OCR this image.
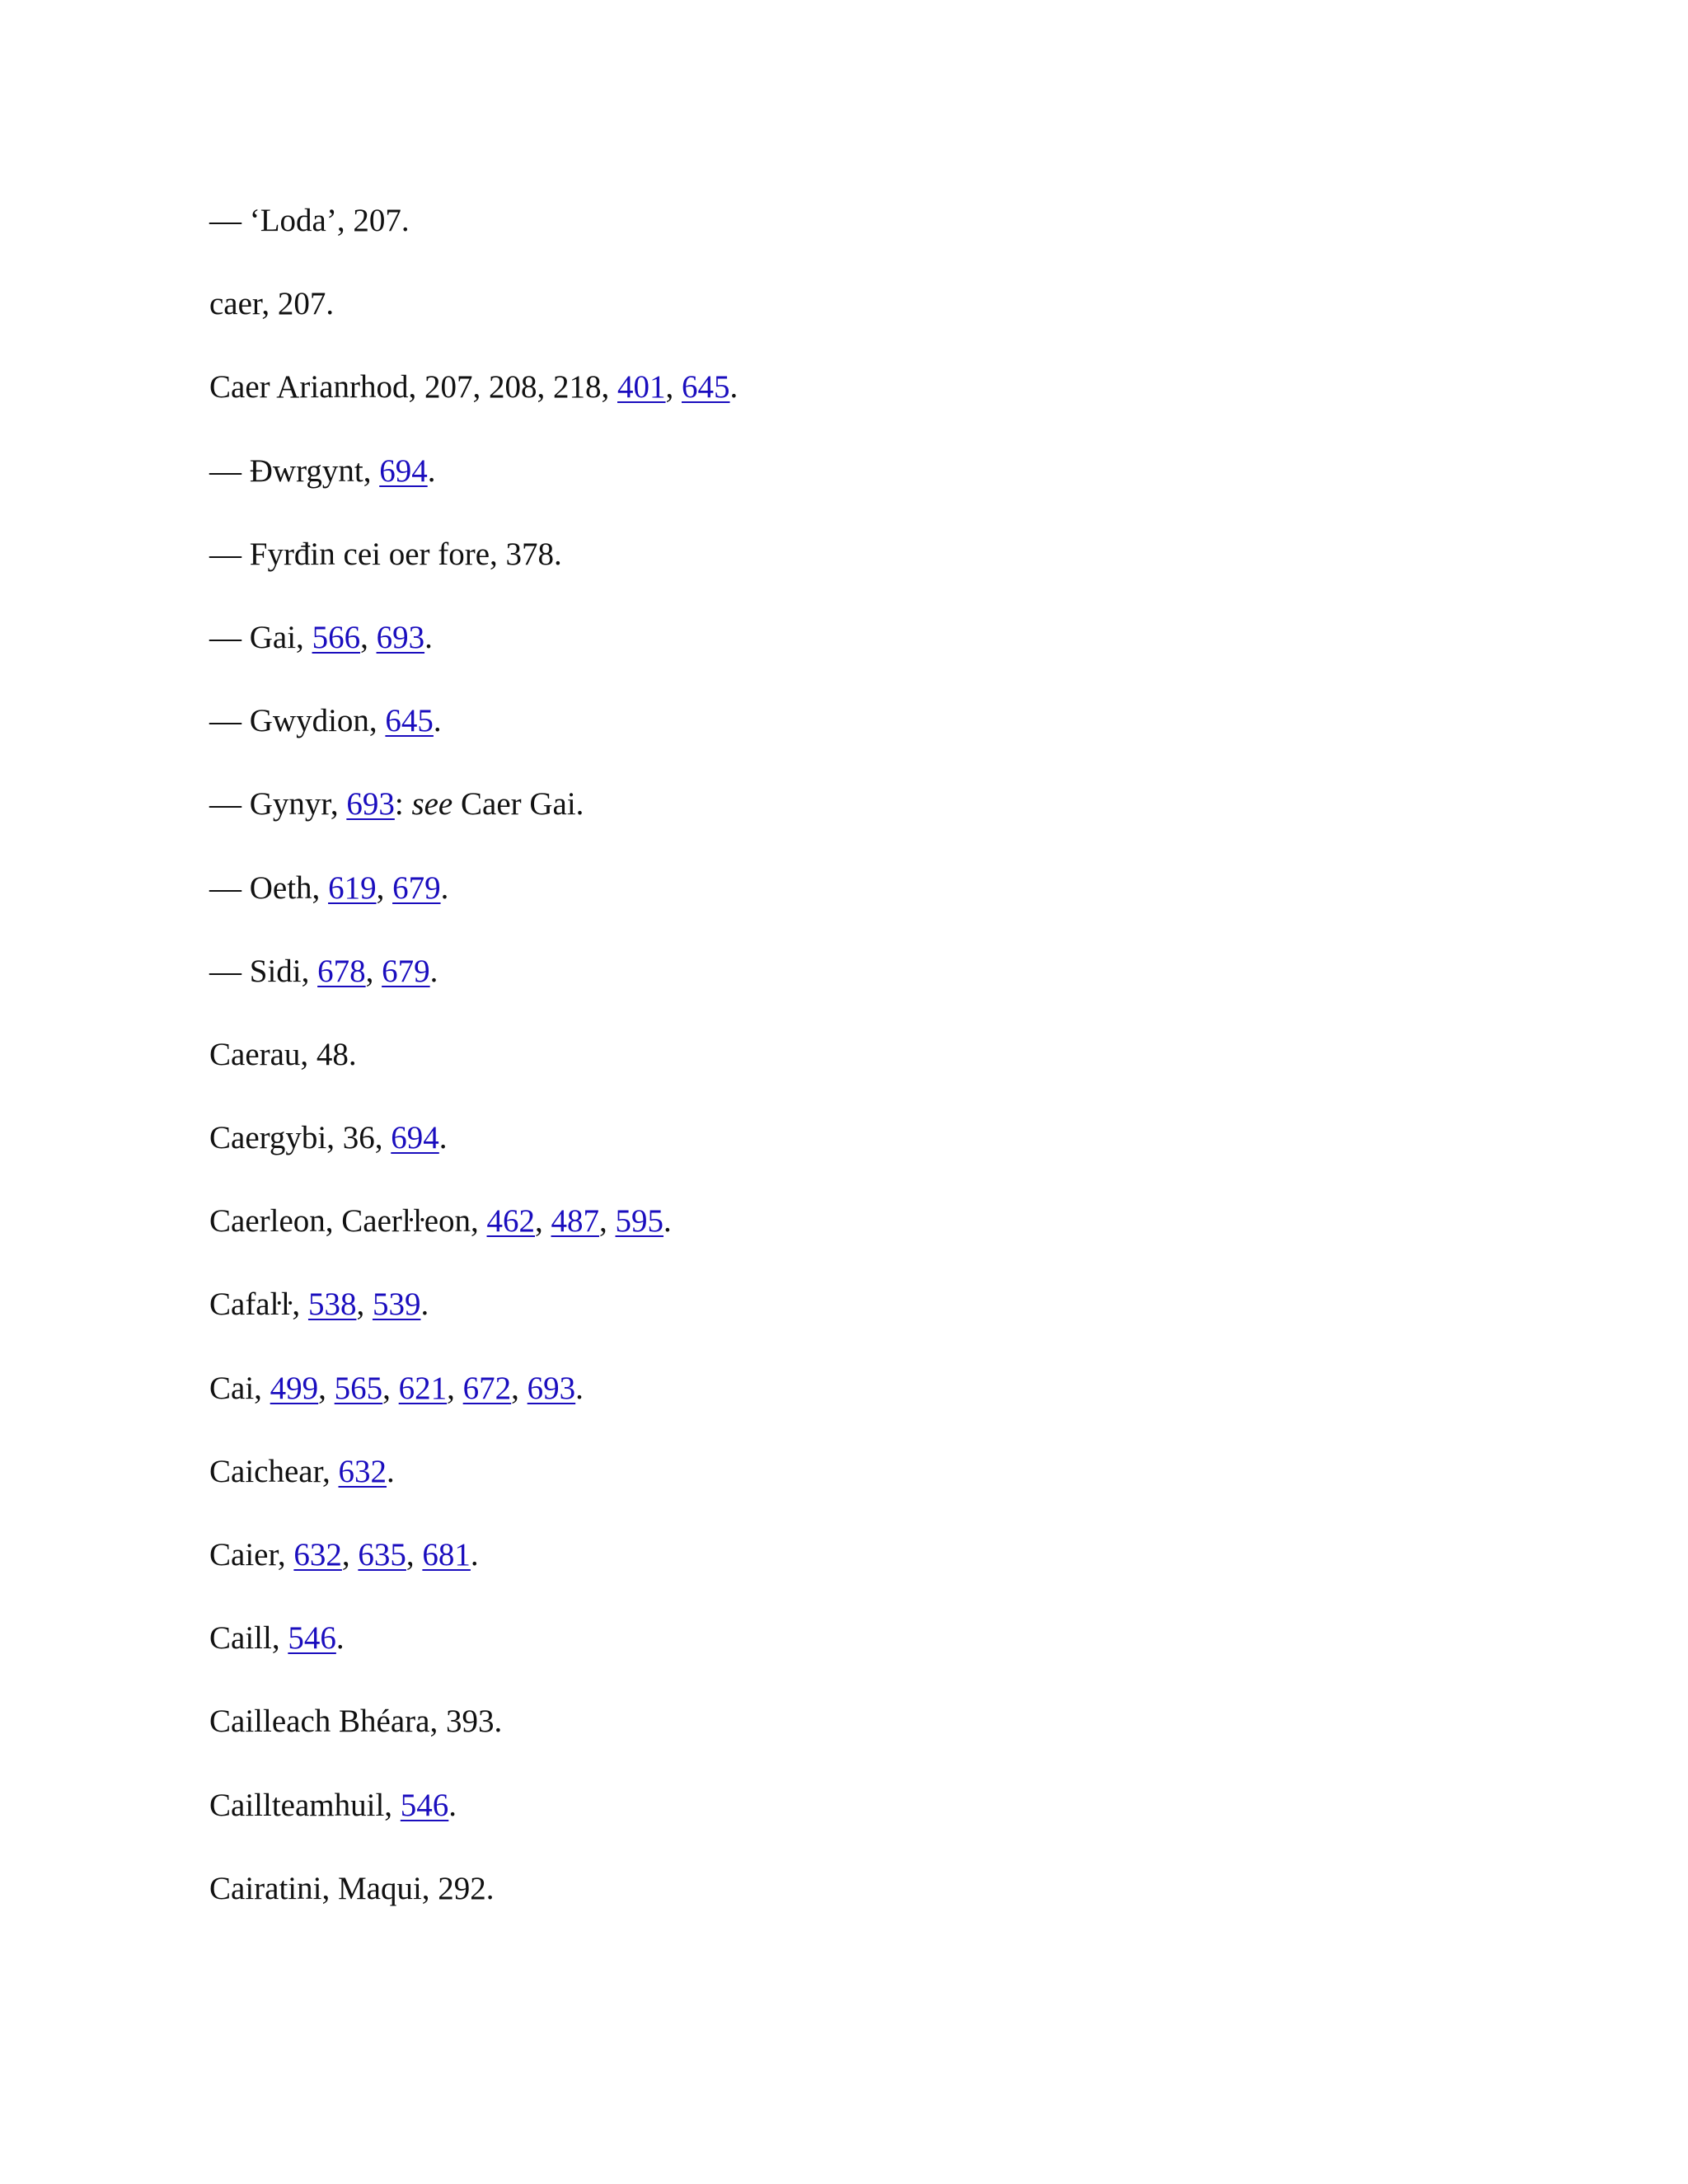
— ‘Loda’, 207.
caer, 207.
Caer Arianrhod, 207, 208, 218, 401, 645.
— Ðwrgynt, 694.
— Fyrđin cei oer fore, 378.
— Gai, 566, 693.
— Gwydion, 645.
— Gynyr, 693: see Caer Gai.
— Oeth, 619, 679.
— Sidi, 678, 679.
Caerau, 48.
Caergybi, 36, 694.
Caerleon, Caerŀŀeon, 462, 487, 595.
Cafaŀŀ, 538, 539.
Cai, 499, 565, 621, 672, 693.
Caichear, 632.
Caier, 632, 635, 681.
Caill, 546.
Cailleach Bhéara, 393.
Caillteamhuil, 546.
Cairatini, Maqui, 292.
